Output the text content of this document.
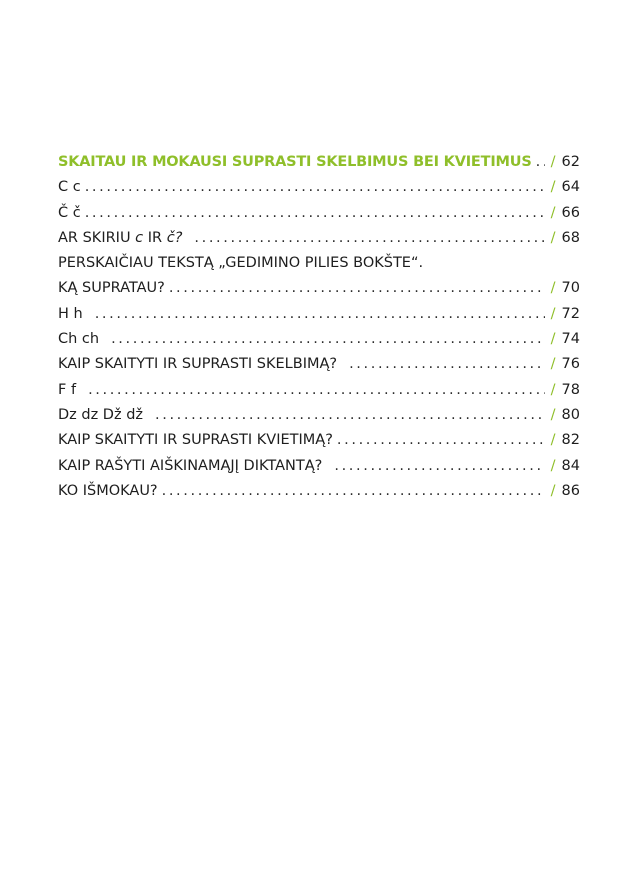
SKAITAU IR MOKAUSI SUPRASTI SKELBIMUS BEI KVIETIMUS . . . / 62
C c . . .	/ 64
Č č . . .	/ 66
AR SKIRIU c IR č? . . .	/ 68
PERSKAIČIAU TEKSTĄ „GEDIMINO PILIES BOKŠTE“.
KĄ SUPRATAU? . . .	/ 70
H h . . .	/ 72
Ch ch . . .	/ 74
KAIP SKAITYTI IR SUPRASTI SKELBIMĄ? . . .	/ 76
F f . . .	/ 78
Dz dz Dž dž . . .	/ 80
KAIP SKAITYTI IR SUPRASTI KVIETIMĄ? . . .	/ 82
KAIP RAŠYTI AIŠKINAMĄJĮ DIKTANTĄ? . . .	/ 84
KO IŠMOKAU? . . .	/ 86
